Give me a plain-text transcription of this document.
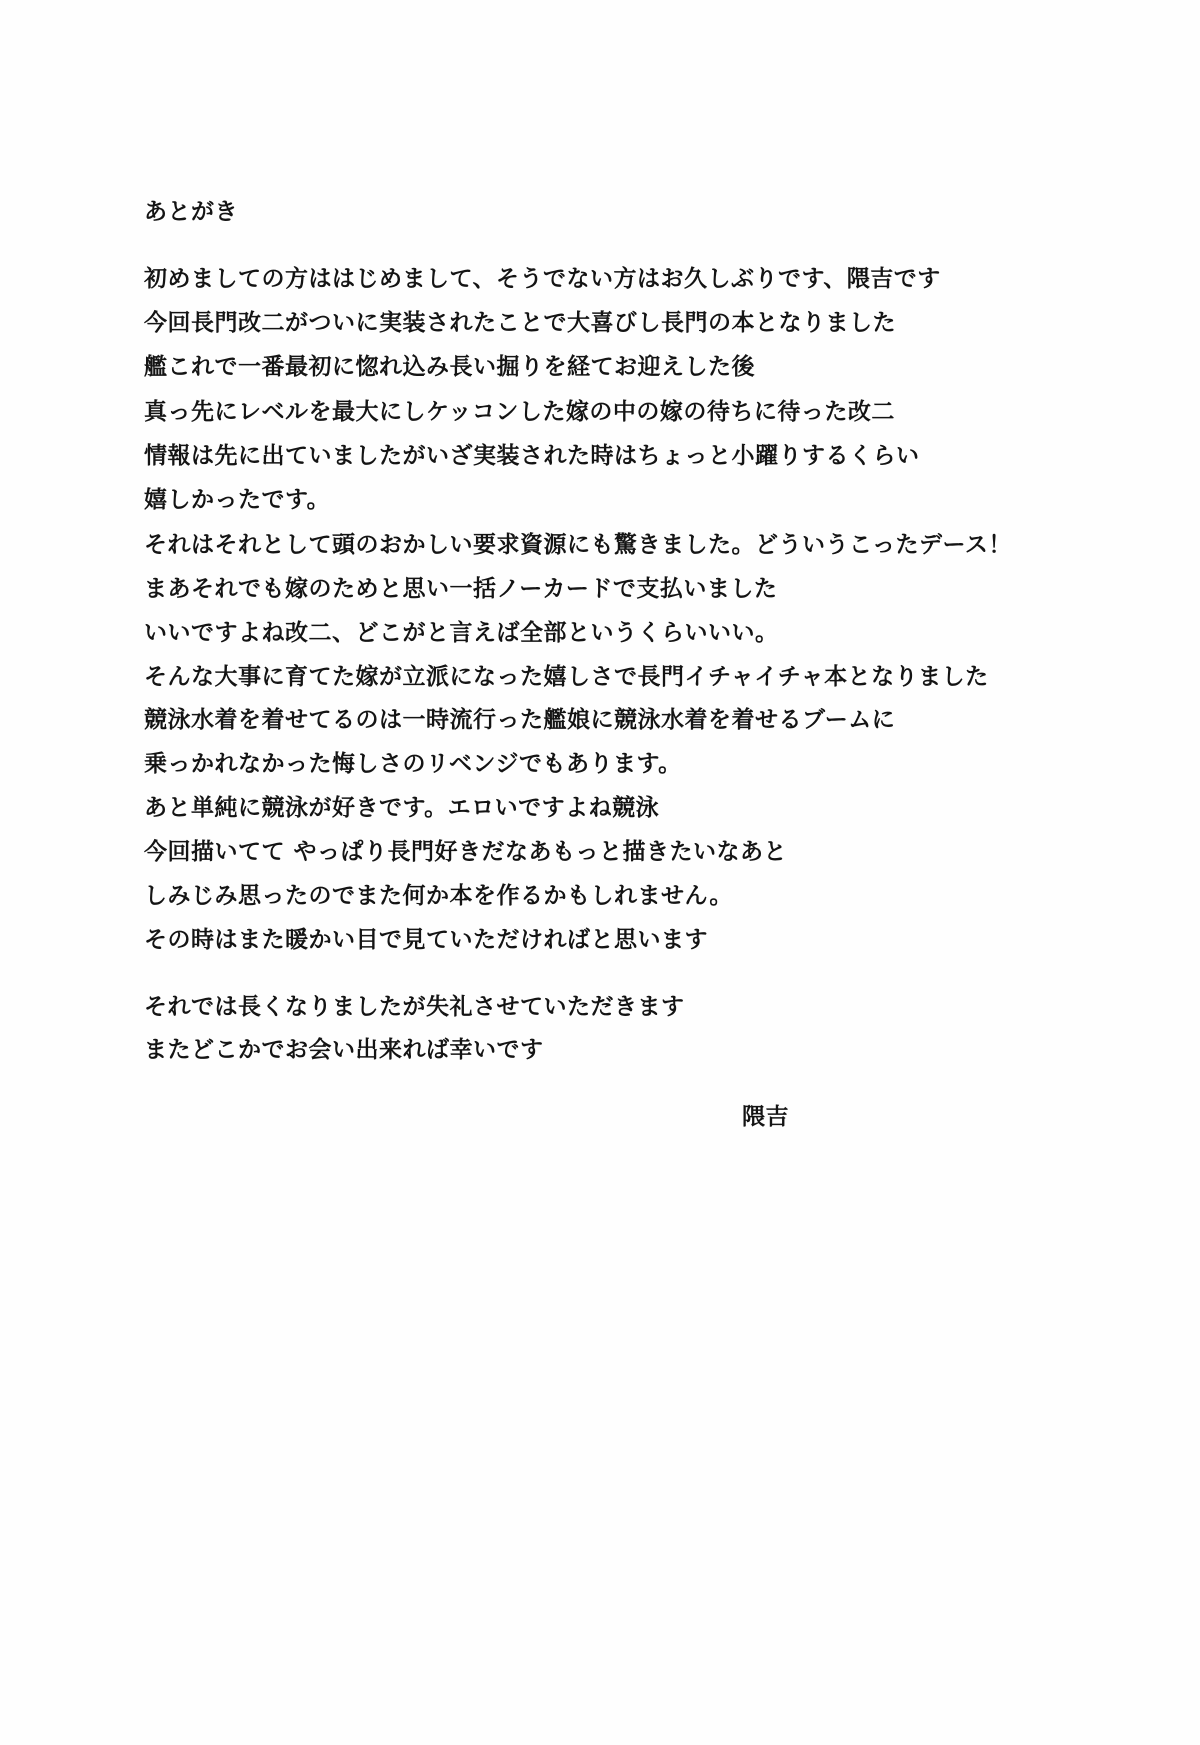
あとがき
初めましての方ははじめまして、そうでない方はお久しぶりです、隈吉です
今回長門改二がついに実装されたことで大喜びし長門の本となりました
艦これで一番最初に惚れ込み長い掘りを経てお迎えした後
真っ先にレベルを最大にしケッコンした嫁の中の嫁の待ちに待った改二
情報は先に出ていましたがいざ実装された時はちょっと小躍りするくらい
嬉しかったです。
それはそれとして頭のおかしい要求資源にも驚きました。どういうこったデース！
まあそれでも嫁のためと思い一括ノーカードで支払いました
いいですよね改二、どこがと言えば全部というくらいいい。
そんな大事に育てた嫁が立派になった嬉しさで長門イチャイチャ本となりました
競泳水着を着せてるのは一時流行った艦娘に競泳水着を着せるブームに
乗っかれなかった悔しさのリベンジでもあります。
あと単純に競泳が好きです。エロいですよね競泳
今回描いてて やっぱり長門好きだなあもっと描きたいなあと
しみじみ思ったのでまた何か本を作るかもしれません。
その時はまた暖かい目で見ていただければと思います
それでは長くなりましたが失礼させていただきます
またどこかでお会い出来れば幸いです
隈吉
